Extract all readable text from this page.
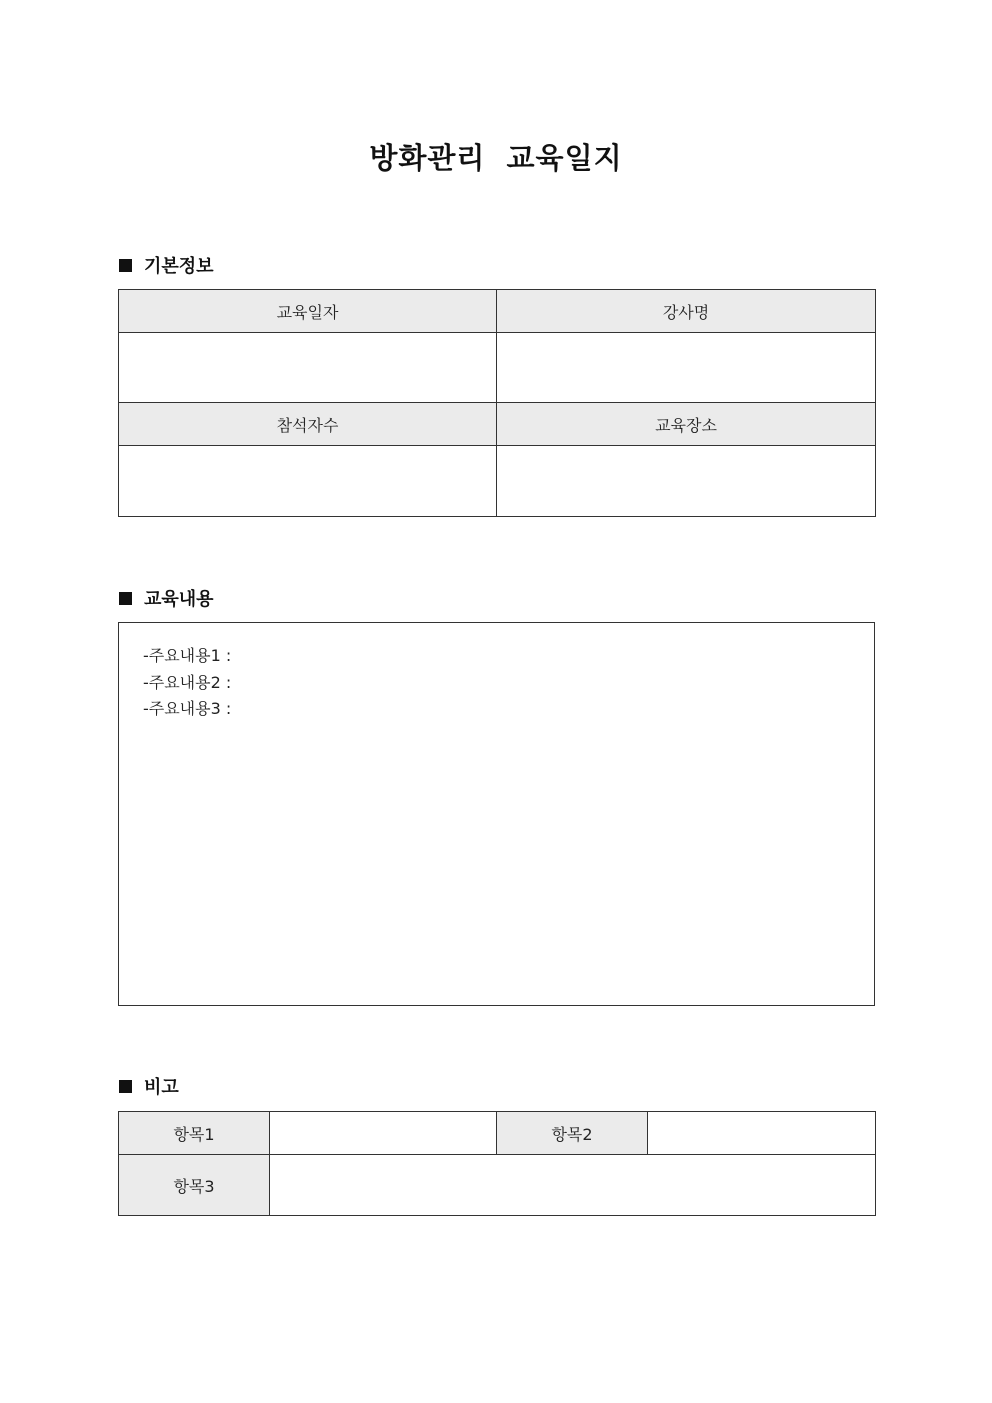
방화관리 교육일지
기본정보
교육일자	강사명

참석자수	교육장소

교육내용
-주요내용1 :
-주요내용2 :
-주요내용3 :
비고
항목1		항목2	
항목3			
